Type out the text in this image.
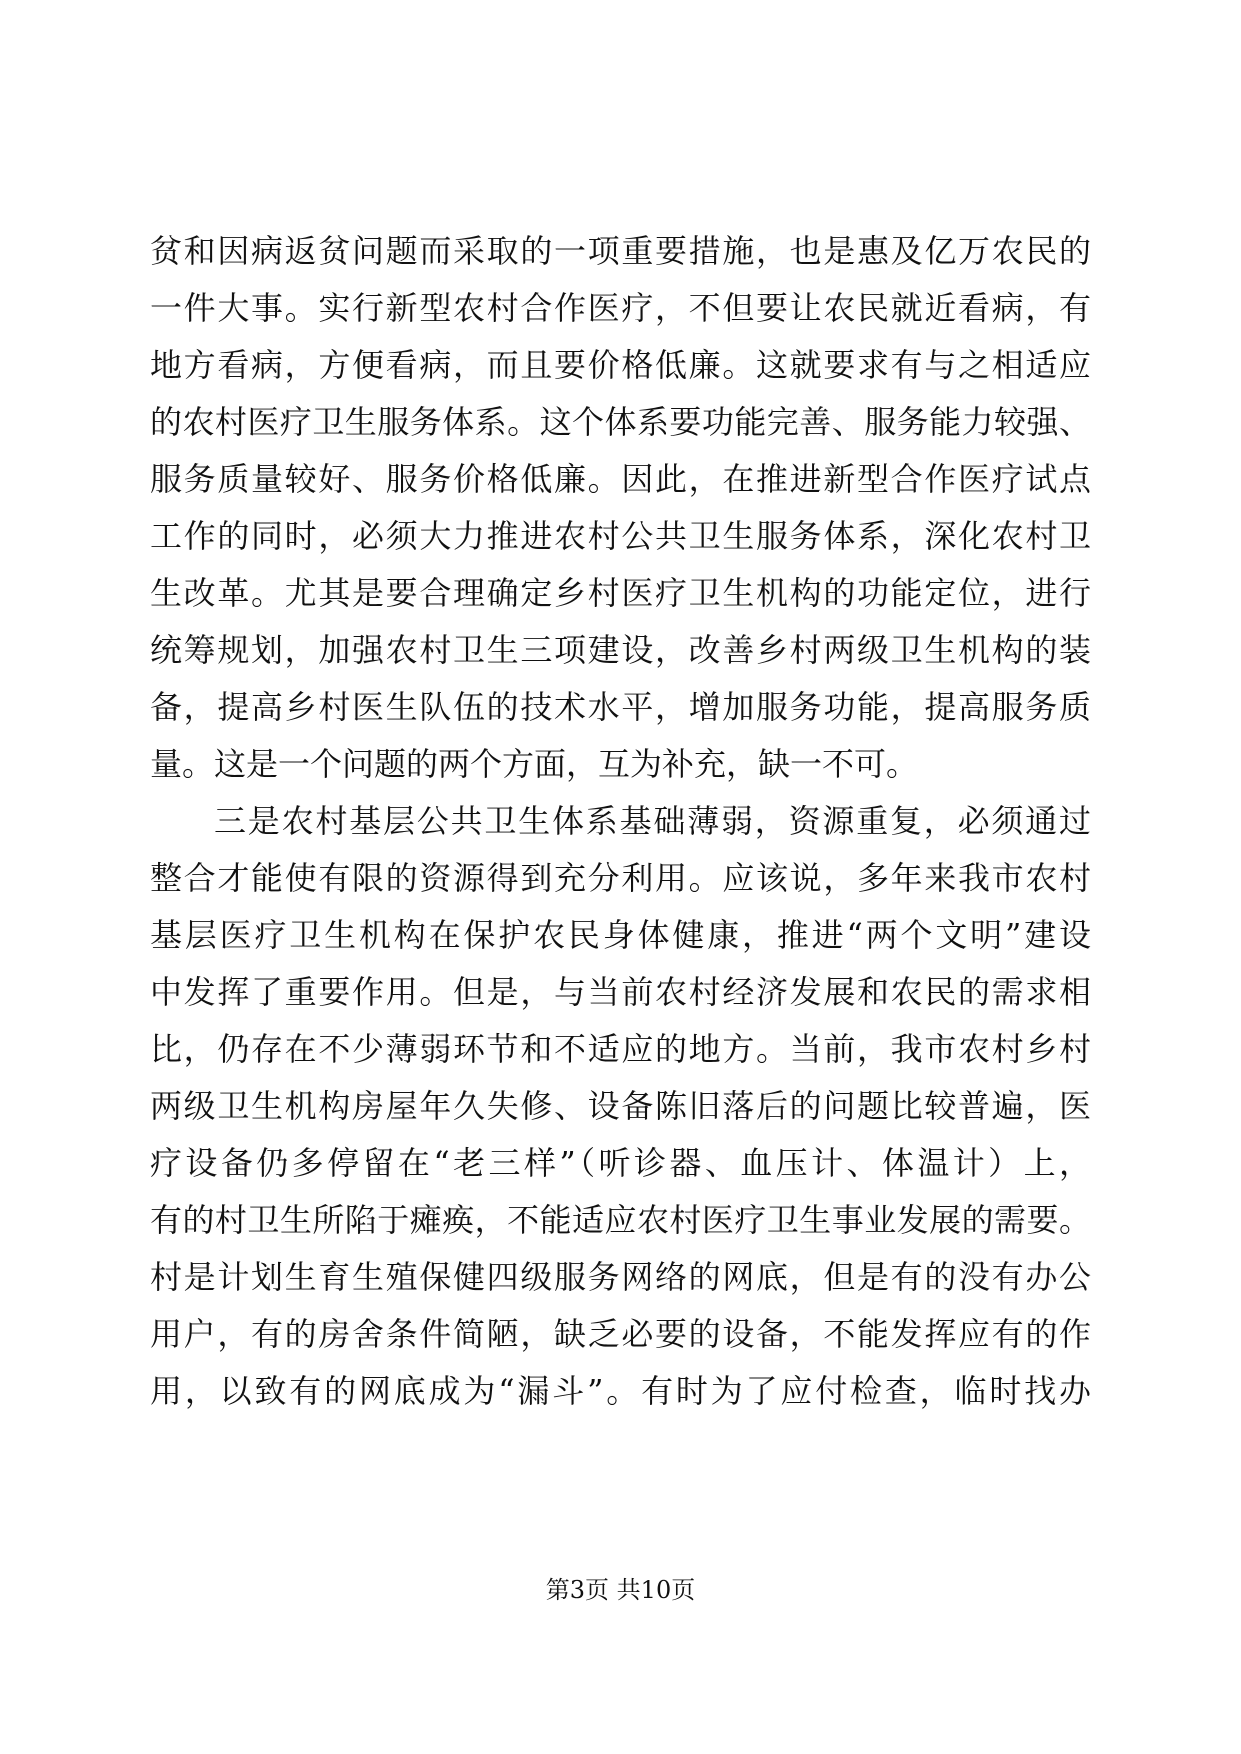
贫和因病返贫问题而采取的一项重要措施，也是惠及亿万农民的
一件大事。实行新型农村合作医疗，不但要让农民就近看病，有
地方看病，方便看病，而且要价格低廉。这就要求有与之相适应
的农村医疗卫生服务体系。这个体系要功能完善、服务能力较强、
服务质量较好、服务价格低廉。因此，在推进新型合作医疗试点
工作的同时，必须大力推进农村公共卫生服务体系，深化农村卫
生改革。尤其是要合理确定乡村医疗卫生机构的功能定位，进行
统筹规划，加强农村卫生三项建设，改善乡村两级卫生机构的装
备，提高乡村医生队伍的技术水平，增加服务功能，提高服务质
量。这是一个问题的两个方面，互为补充，缺一不可。
三是农村基层公共卫生体系基础薄弱，资源重复，必须通过
整合才能使有限的资源得到充分利用。应该说，多年来我市农村
基层医疗卫生机构在保护农民身体健康，推进“两个文明”建设
中发挥了重要作用。但是，与当前农村经济发展和农民的需求相
比，仍存在不少薄弱环节和不适应的地方。当前，我市农村乡村
两级卫生机构房屋年久失修、设备陈旧落后的问题比较普遍，医
疗设备仍多停留在“老三样”（听诊器、血压计、体温计）上，
有的村卫生所陷于瘫痪，不能适应农村医疗卫生事业发展的需要。
村是计划生育生殖保健四级服务网络的网底，但是有的没有办公
用户，有的房舍条件简陋，缺乏必要的设备，不能发挥应有的作
用，以致有的网底成为“漏斗”。有时为了应付检查，临时找办
第3页 共10页
